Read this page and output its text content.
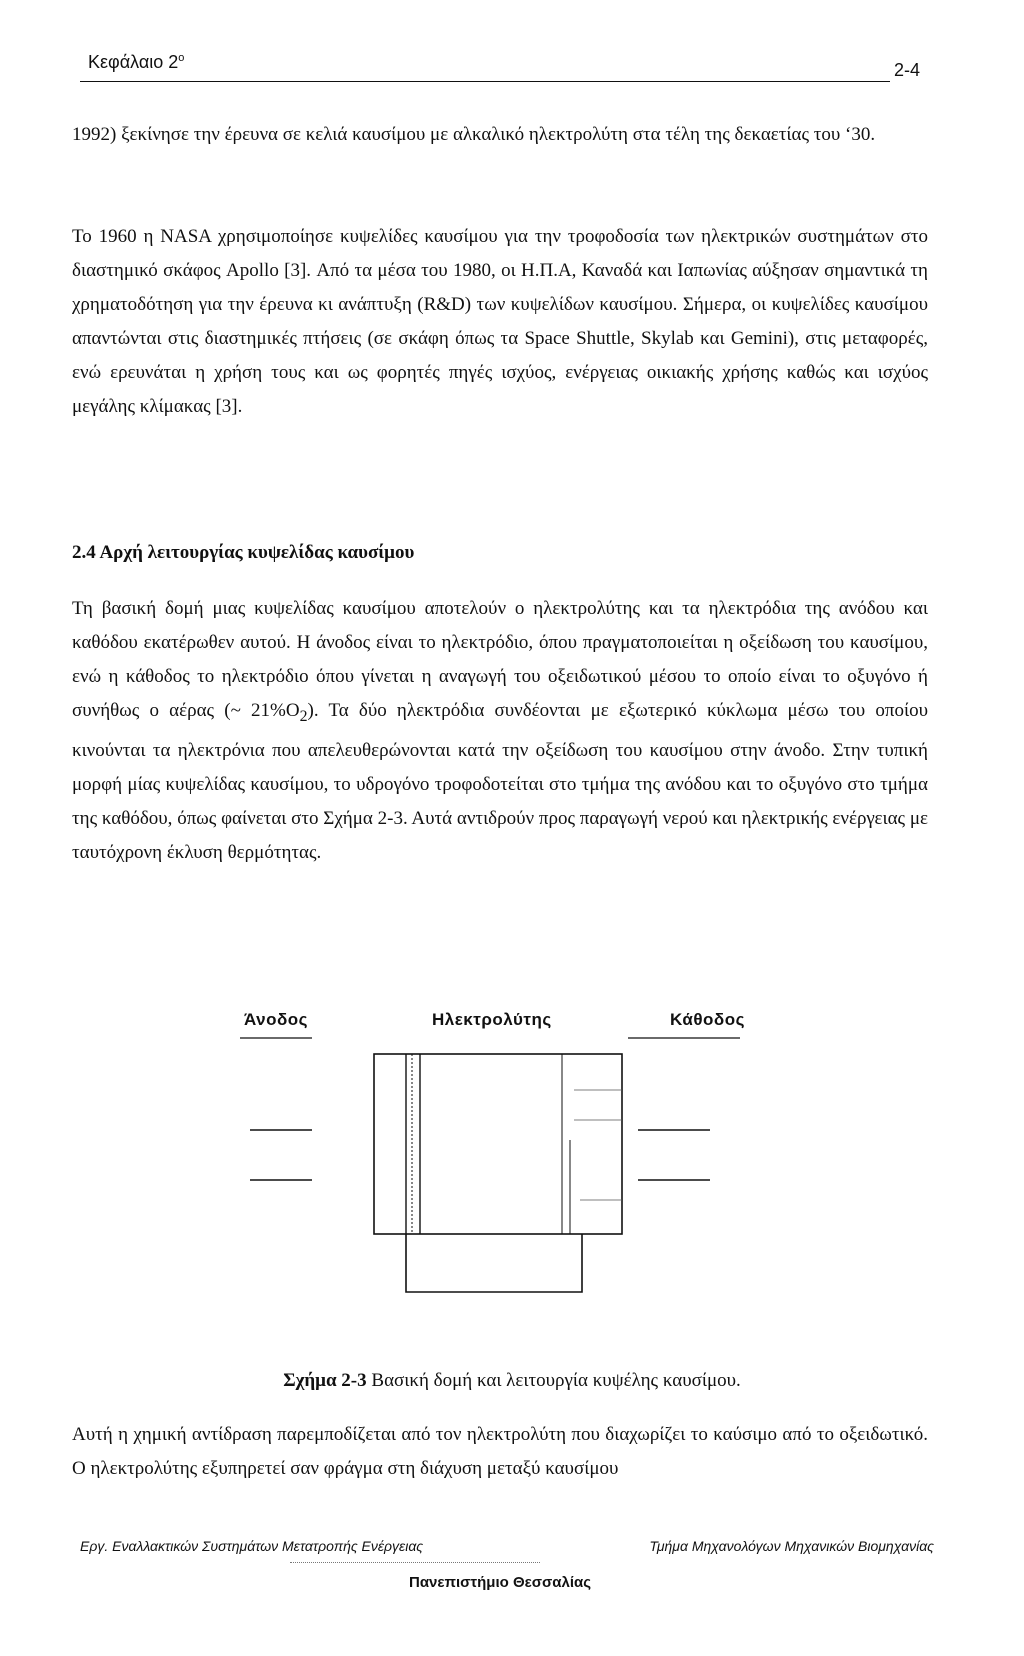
Κεφάλαιο $2^o$
2-4

1992) ξεκίνησε την έρευνα σε κελιά καυσίμου με αλκαλικό ηλεκτρολύτη στα τέλη της δεκαετίας του ‘30.

Το 1960 η NASA χρησιμοποίησε κυψελίδες καυσίμου για την τροφοδοσία των ηλεκτρικών συστημάτων στο διαστημικό σκάφος Apollo [3]. Από τα μέσα του 1980, οι Η.Π.Α, Καναδά και Ιαπωνίας αύξησαν σημαντικά τη χρηματοδότηση για την έρευνα κι ανάπτυξη (R&D) των κυψελίδων καυσίμου. Σήμερα, οι κυψελίδες καυσίμου απαντώνται στις διαστημικές πτήσεις (σε σκάφη όπως τα Space Shuttle, Skylab και Gemini), στις μεταφορές, ενώ ερευνάται η χρήση τους και ως φορητές πηγές ισχύος, ενέργειας οικιακής χρήσης καθώς και ισχύος μεγάλης κλίμακας [3].

2.4 Αρχή λειτουργίας κυψελίδας καυσίμου

Τη βασική δομή μιας κυψελίδας καυσίμου αποτελούν ο ηλεκτρολύτης και τα ηλεκτρόδια της ανόδου και καθόδου εκατέρωθεν αυτού. Η άνοδος είναι το ηλεκτρόδιο, όπου πραγματοποιείται η οξείδωση του καυσίμου, ενώ η κάθοδος το ηλεκτρόδιο όπου γίνεται η αναγωγή του οξειδωτικού μέσου το οποίο είναι το οξυγόνο ή συνήθως ο αέρας (~ $21\%O_2$). Τα δύο ηλεκτρόδια συνδέονται με εξωτερικό κύκλωμα μέσω του οποίου κινούνται τα ηλεκτρόνια που απελευθερώνονται κατά την οξείδωση του καυσίμου στην άνοδο. Στην τυπική μορφή μίας κυψελίδας καυσίμου, το υδρογόνο τροφοδοτείται στο τμήμα της ανόδου και το οξυγόνο στο τμήμα της καθόδου, όπως φαίνεται στο Σχήμα 2-3. Αυτά αντιδρούν προς παραγωγή νερού και ηλεκτρικής ενέργειας με ταυτόχρονη έκλυση θερμότητας.

Άνοδος	Ηλεκτρολύτης	Κάθοδος

Σχήμα 2-3 Βασική δομή και λειτουργία κυψέλης καυσίμου.

Αυτή η χημική αντίδραση παρεμποδίζεται από τον ηλεκτρολύτη που διαχωρίζει το καύσιμο από το οξειδωτικό. Ο ηλεκτρολύτης εξυπηρετεί σαν φράγμα στη διάχυση μεταξύ καυσίμου

Εργ. Εναλλακτικών Συστημάτων Μετατροπής Ενέργειας	Τμήμα Μηχανολόγων Μηχανικών Βιομηχανίας
Πανεπιστήμιο Θεσσαλίας
